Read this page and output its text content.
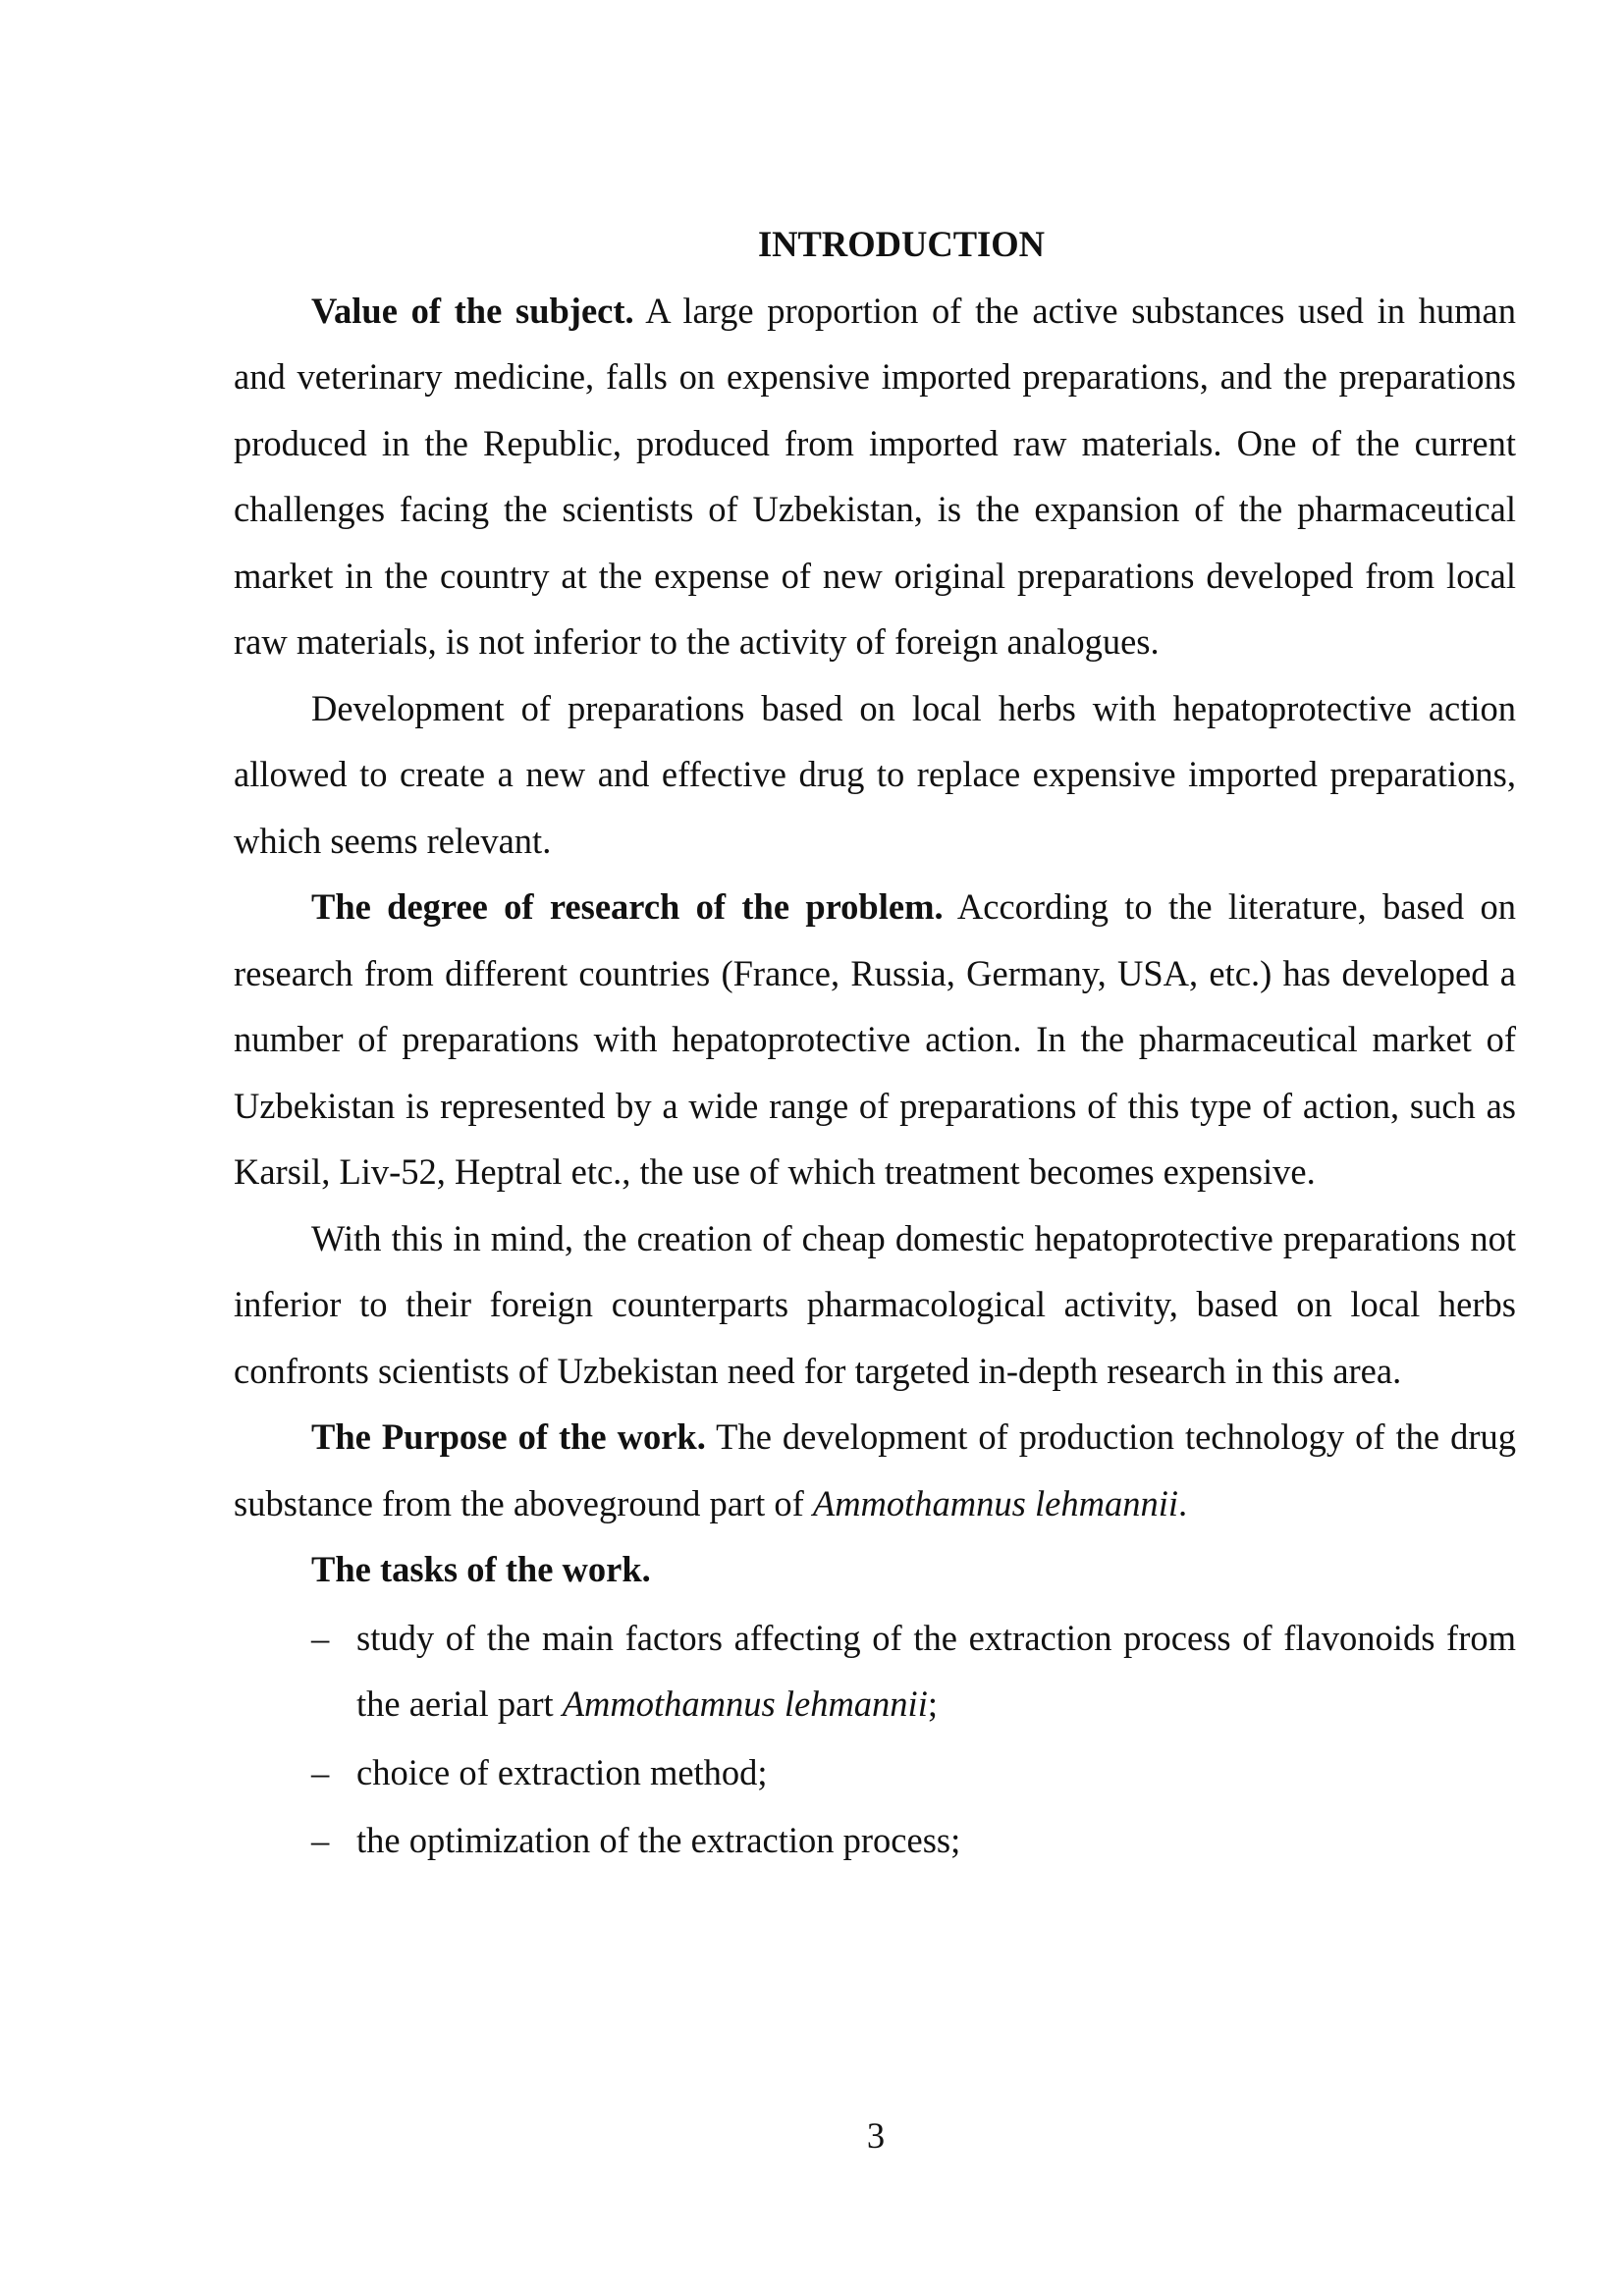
INTRODUCTION

Value of the subject. A large proportion of the active substances used in human and veterinary medicine, falls on expensive imported preparations, and the preparations produced in the Republic, produced from imported raw materials. One of the current challenges facing the scientists of Uzbekistan, is the expansion of the pharmaceutical market in the country at the expense of new original preparations developed from local raw materials, is not inferior to the activity of foreign analogues.

Development of preparations based on local herbs with hepatoprotective action allowed to create a new and effective drug to replace expensive imported preparations, which seems relevant.

The degree of research of the problem. According to the literature, based on research from different countries (France, Russia, Germany, USA, etc.) has developed a number of preparations with hepatoprotective action. In the pharmaceutical market of Uzbekistan is represented by a wide range of preparations of this type of action, such as Karsil, Liv-52, Heptral etc., the use of which treatment becomes expensive.

With this in mind, the creation of cheap domestic hepatoprotective preparations not inferior to their foreign counterparts pharmacological activity, based on local herbs confronts scientists of Uzbekistan need for targeted in-depth research in this area.

The Purpose of the work. The development of production technology of the drug substance from the aboveground part of Ammothamnus lehmannii.

The tasks of the work.

– study of the main factors affecting of the extraction process of flavonoids from the aerial part Ammothamnus lehmannii;
– choice of extraction method;
– the optimization of the extraction process;
3
